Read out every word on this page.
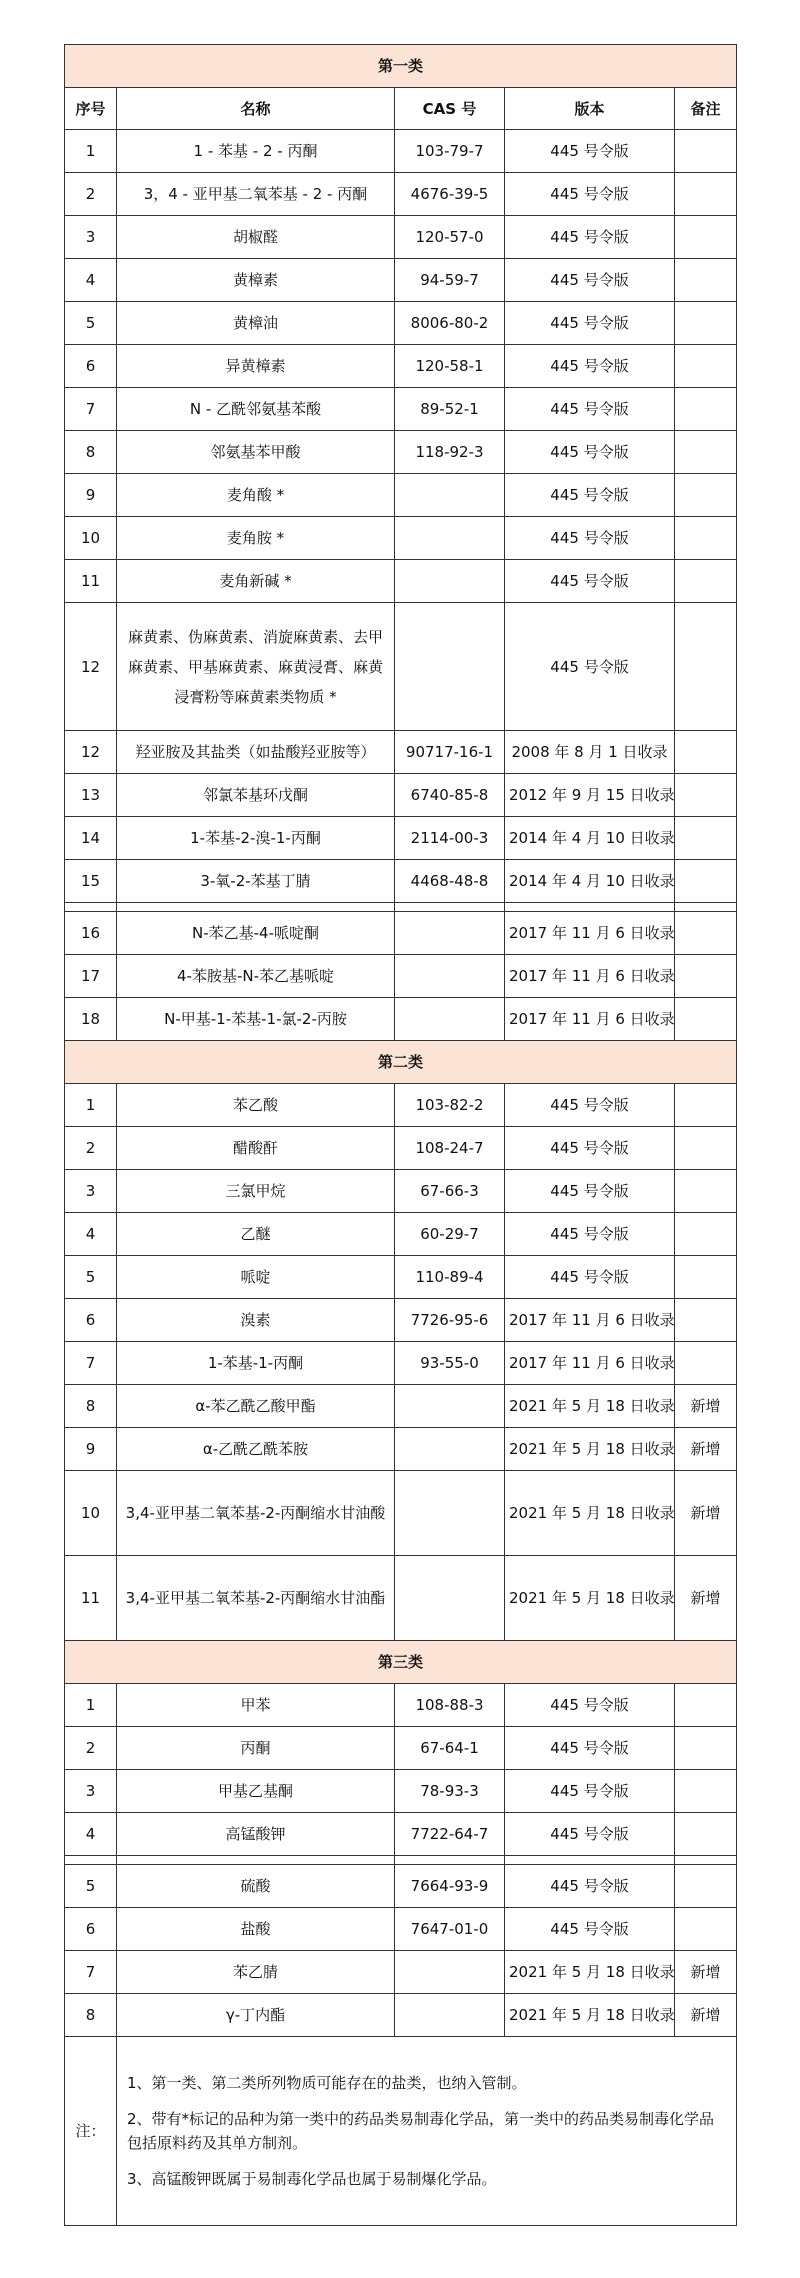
第一类				
序号	名称	CAS 号	版本	备注
1	1 - 苯基 - 2 - 丙酮	103-79-7	445 号令版	
2	3，4 - 亚甲基二氧苯基 - 2 - 丙酮	4676-39-5	445 号令版	
3	胡椒醛	120-57-0	445 号令版	
4	黄樟素	94-59-7	445 号令版	
5	黄樟油	8006-80-2	445 号令版	
6	异黄樟素	120-58-1	445 号令版	
7	N - 乙酰邻氨基苯酸	89-52-1	445 号令版	
8	邻氨基苯甲酸	118-92-3	445 号令版	
9	麦角酸 *		445 号令版	
10	麦角胺 *		445 号令版	
11	麦角新碱 *		445 号令版	
12	麻黄素、伪麻黄素、消旋麻黄素、去甲麻黄素、甲基麻黄素、麻黄浸膏、麻黄浸膏粉等麻黄素类物质 *		445 号令版	
12	羟亚胺及其盐类（如盐酸羟亚胺等）	90717-16-1	2008 年 8 月 1 日收录	
13	邻氯苯基环戊酮	6740-85-8	2012 年 9 月 15 日收录	
14	1-苯基-2-溴-1-丙酮	2114-00-3	2014 年 4 月 10 日收录	
15	3-氧-2-苯基丁腈	4468-48-8	2014 年 4 月 10 日收录	

16	N-苯乙基-4-哌啶酮		2017 年 11 月 6 日收录	
17	4-苯胺基-N-苯乙基哌啶		2017 年 11 月 6 日收录	
18	N-甲基-1-苯基-1-氯-2-丙胺		2017 年 11 月 6 日收录	
第二类				
1	苯乙酸	103-82-2	445 号令版	
2	醋酸酐	108-24-7	445 号令版	
3	三氯甲烷	67-66-3	445 号令版	
4	乙醚	60-29-7	445 号令版	
5	哌啶	110-89-4	445 号令版	
6	溴素	7726-95-6	2017 年 11 月 6 日收录	
7	1-苯基-1-丙酮	93-55-0	2017 年 11 月 6 日收录	
8	α-苯乙酰乙酸甲酯		2021 年 5 月 18 日收录	新增
9	α-乙酰乙酰苯胺		2021 年 5 月 18 日收录	新增
10	3,4-亚甲基二氧苯基-2-丙酮缩水甘油酸		2021 年 5 月 18 日收录	新增
11	3,4-亚甲基二氧苯基-2-丙酮缩水甘油酯		2021 年 5 月 18 日收录	新增
第三类				
1	甲苯	108-88-3	445 号令版	
2	丙酮	67-64-1	445 号令版	
3	甲基乙基酮	78-93-3	445 号令版	
4	高锰酸钾	7722-64-7	445 号令版	

5	硫酸	7664-93-9	445 号令版	
6	盐酸	7647-01-0	445 号令版	
7	苯乙腈		2021 年 5 月 18 日收录	新增
8	γ-丁内酯		2021 年 5 月 18 日收录	新增
注：	1、第一类、第二类所列物质可能存在的盐类，也纳入管制。
2、带有*标记的品种为第一类中的药品类易制毒化学品，第一类中的药品类易制毒化学品包括原料药及其单方制剂。
3、高锰酸钾既属于易制毒化学品也属于易制爆化学品。			
